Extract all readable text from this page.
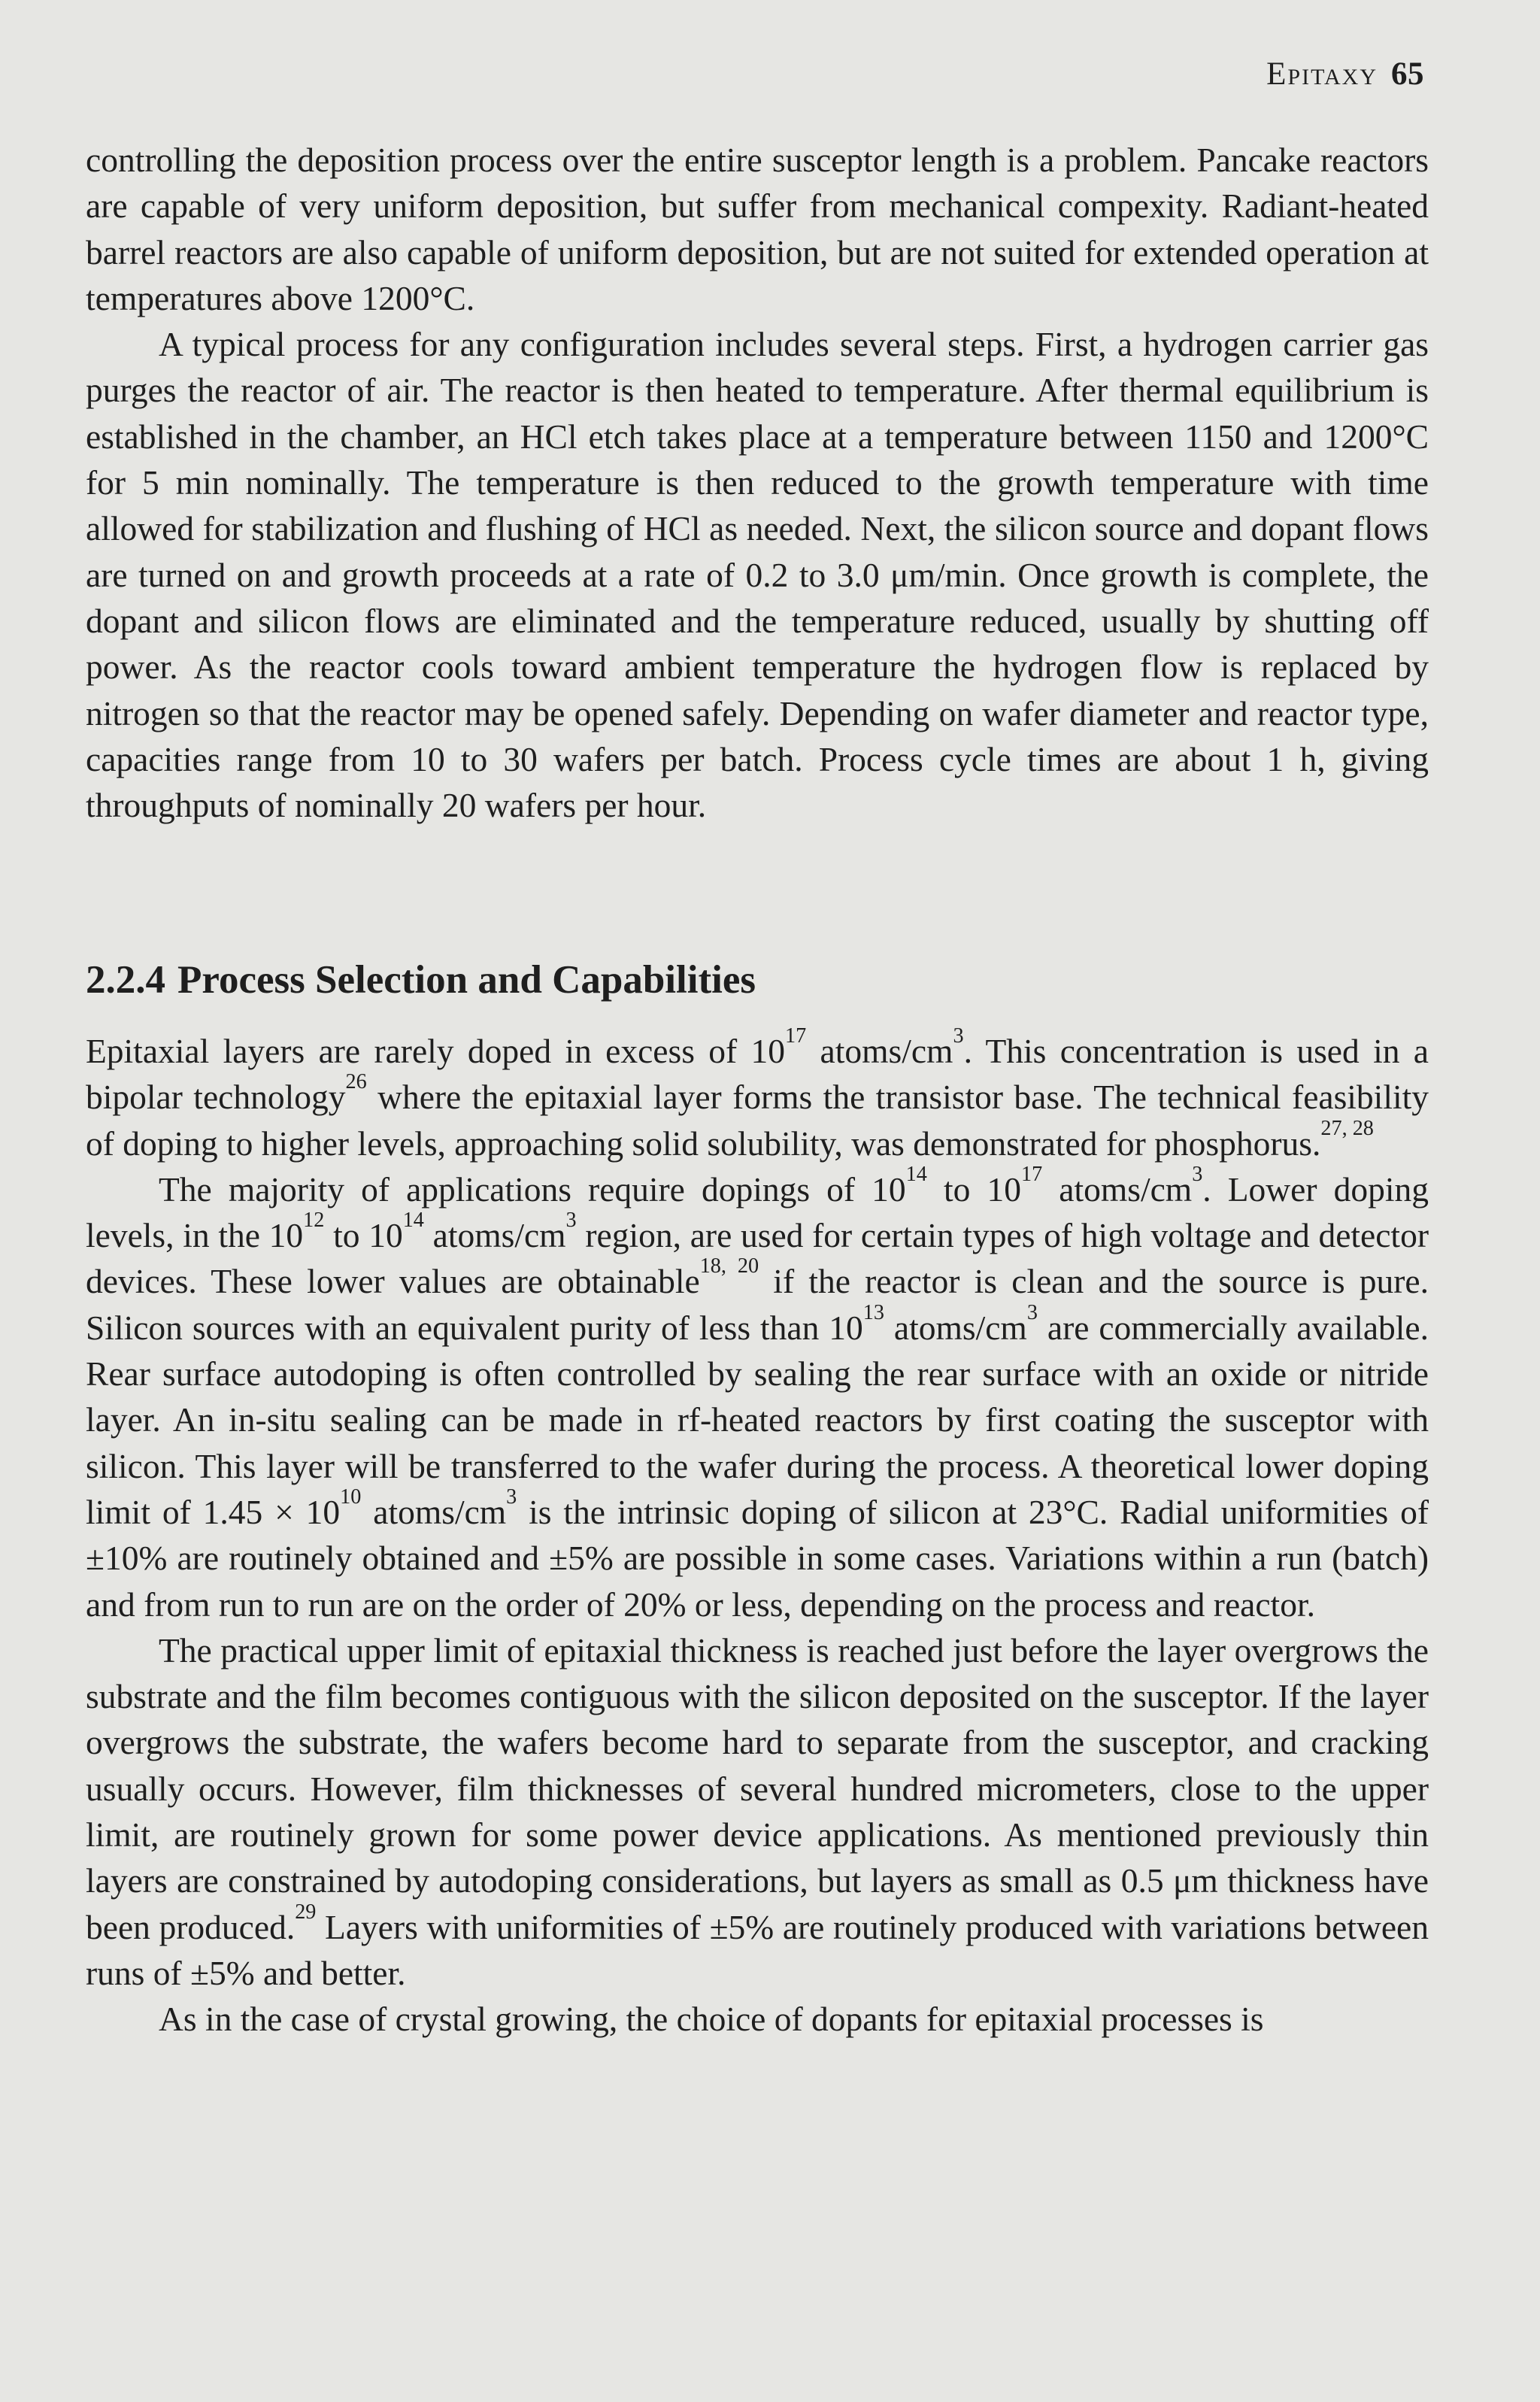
Epitaxy 65

controlling the deposition process over the entire susceptor length is a problem. Pancake reactors are capable of very uniform deposition, but suffer from mechanical compexity. Radiant-heated barrel reactors are also capable of uniform deposition, but are not suited for extended operation at temperatures above 1200°C.

A typical process for any configuration includes several steps. First, a hydrogen carrier gas purges the reactor of air. The reactor is then heated to temperature. After thermal equilibrium is established in the chamber, an HCl etch takes place at a temperature between 1150 and 1200°C for 5 min nominally. The temperature is then reduced to the growth temperature with time allowed for stabilization and flushing of HCl as needed. Next, the silicon source and dopant flows are turned on and growth proceeds at a rate of 0.2 to 3.0 μm/min. Once growth is complete, the dopant and silicon flows are eliminated and the temperature reduced, usually by shutting off power. As the reactor cools toward ambient temperature the hydrogen flow is replaced by nitrogen so that the reactor may be opened safely. Depending on wafer diameter and reactor type, capacities range from 10 to 30 wafers per batch. Process cycle times are about 1 h, giving throughputs of nominally 20 wafers per hour.

2.2.4 Process Selection and Capabilities

Epitaxial layers are rarely doped in excess of $10^{17}$ atoms/$cm^3$. This concentration is used in a bipolar technology$^{26}$ where the epitaxial layer forms the transistor base. The technical feasibility of doping to higher levels, approaching solid solubility, was demonstrated for phosphorus.$^{27, 28}$

The majority of applications require dopings of $10^{14}$ to $10^{17}$ atoms/$cm^3$. Lower doping levels, in the $10^{12}$ to $10^{14}$ atoms/$cm^3$ region, are used for certain types of high voltage and detector devices. These lower values are obtainable$^{18, 20}$ if the reactor is clean and the source is pure. Silicon sources with an equivalent purity of less than $10^{13}$ atoms/$cm^3$ are commercially available. Rear surface autodoping is often controlled by sealing the rear surface with an oxide or nitride layer. An in-situ sealing can be made in rf-heated reactors by first coating the susceptor with silicon. This layer will be transferred to the wafer during the process. A theoretical lower doping limit of $1.45 \times 10^{10}$ atoms/$cm^3$ is the intrinsic doping of silicon at 23°C. Radial uniformities of ±10% are routinely obtained and ±5% are possible in some cases. Variations within a run (batch) and from run to run are on the order of 20% or less, depending on the process and reactor.

The practical upper limit of epitaxial thickness is reached just before the layer overgrows the substrate and the film becomes contiguous with the silicon deposited on the susceptor. If the layer overgrows the substrate, the wafers become hard to separate from the susceptor, and cracking usually occurs. However, film thicknesses of several hundred micrometers, close to the upper limit, are routinely grown for some power device applications. As mentioned previously thin layers are constrained by autodoping considerations, but layers as small as 0.5 μm thickness have been produced.$^{29}$ Layers with uniformities of ±5% are routinely produced with variations between runs of ±5% and better.

As in the case of crystal growing, the choice of dopants for epitaxial processes is
